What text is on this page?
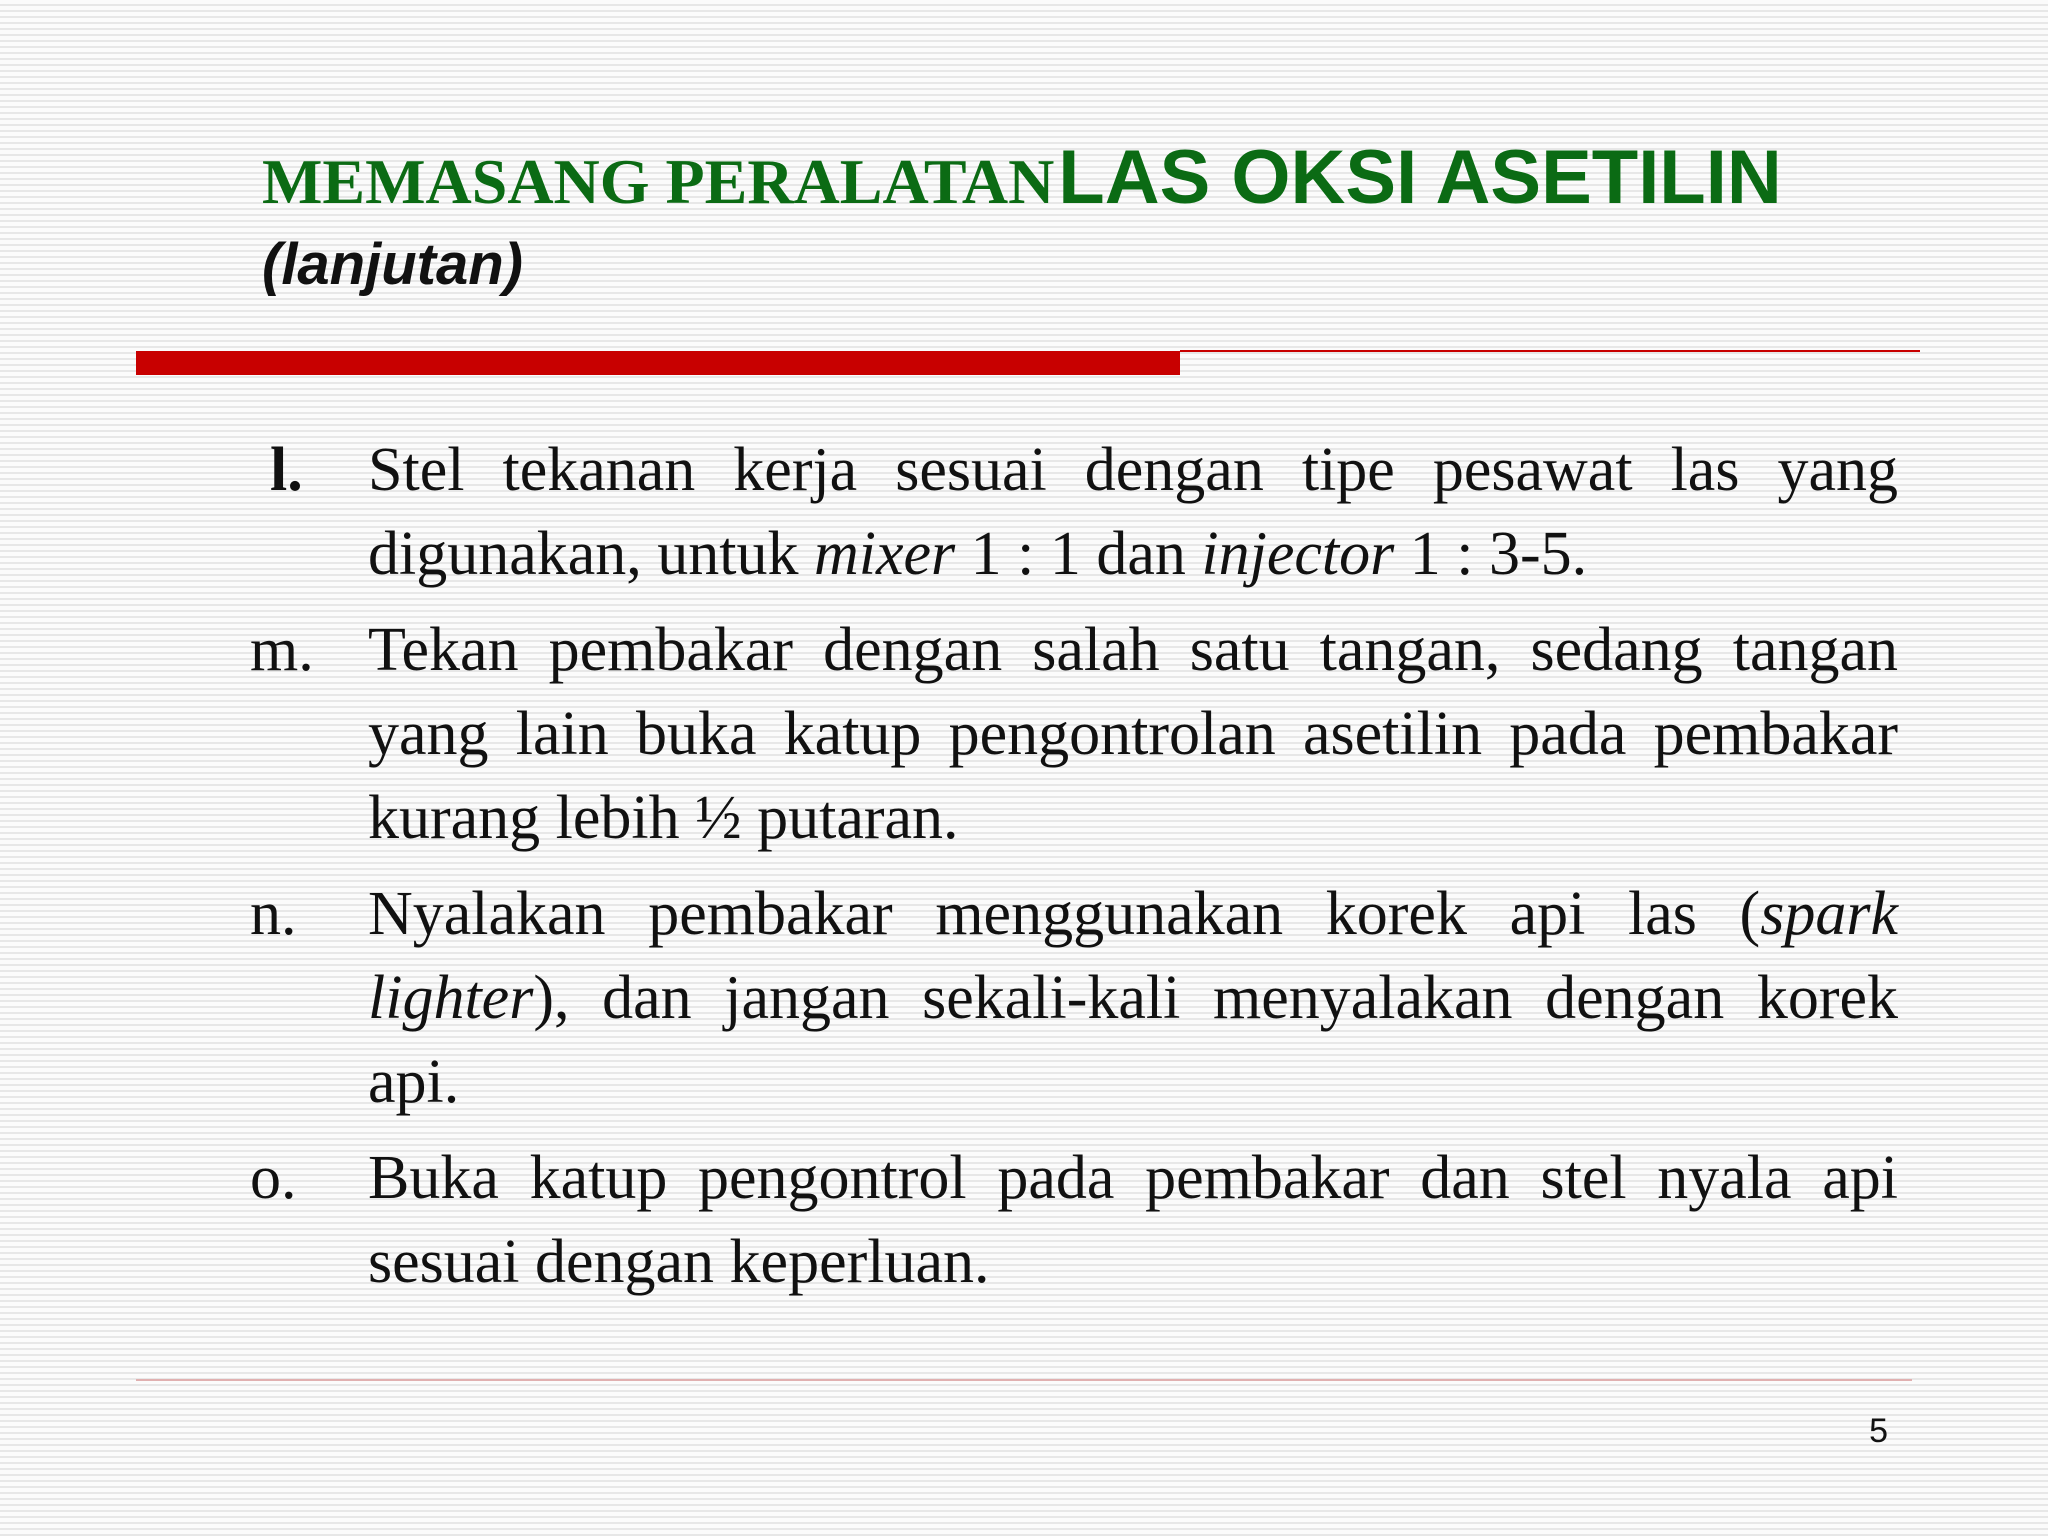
MEMASANG PERALATAN LAS OKSI ASETILIN
(lanjutan)
l.	Stel tekanan kerja sesuai dengan tipe pesawat las yang digunakan, untuk mixer 1 : 1 dan injector 1 : 3-5.
m. Tekan pembakar dengan salah satu tangan, sedang tangan yang lain buka katup pengontrolan asetilin pada pembakar kurang lebih ½ putaran.
n.	Nyalakan pembakar menggunakan korek api las (spark lighter), dan jangan sekali-kali menyalakan dengan korek api.
o.	Buka katup pengontrol pada pembakar dan stel nyala api sesuai dengan keperluan.
5
